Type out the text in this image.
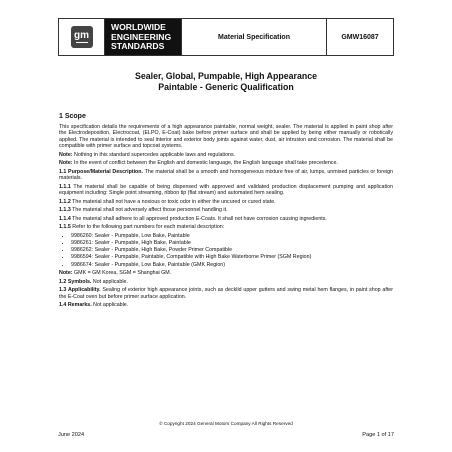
gm
WORLDWIDE
ENGINEERING
STANDARDS
Material Specification	GMW16087
Sealer, Global, Pumpable, High Appearance
Paintable - Generic Qualification
1 Scope

This specification details the requirements of a high appearance paintable, normal weight, sealer. The material is applied in paint shop after the Electrodeposition, Electrocoat, (ELPO, E-Coat) bake before primer surface and shall be applied by being either manually or robotically applied. The material is intended to seal interior and exterior body joints against water, dust, air intrusion and corrosion. The material shall be compatible with primer surface and topcoat systems.

Note: Nothing in this standard supercedes applicable laws and regulations.

Note: In the event of conflict between the English and domestic language, the English language shall take precedence.

1.1 Purpose/Material Description. The material shall be a smooth and homogeneous mixture free of air, lumps, unmixed particles or foreign materials.

1.1.1 The material shall be capable of being dispensed with approved and validated production displacement pumping and application equipment including: Single point streaming, ribbon tip (flat stream) and automated hem sealing.

1.1.2 The material shall not have a noxious or toxic odor in either the uncured or cured state.

1.1.3 The material shall not adversely affect those personnel handling it.

1.1.4 The material shall adhere to all approved production E-Coats. It shall not have corrosion causing ingredients.

1.1.5 Refer to the following part numbers for each material description:

• 9986260: Sealer - Pumpable, Low Bake, Paintable
• 9986261: Sealer - Pumpable, High Bake, Paintable
• 9986262: Sealer - Pumpable, High Bake, Powder Primer Compatible
• 9986594: Sealer - Pumpable, Paintable, Compatible with High Bake Waterborne Primer (SGM Region)
• 9986674: Sealer - Pumpable, Low Bake, Paintable (GMK Region)

Note: GMK = GM Korea, SGM = Shanghai GM.

1.2 Symbols. Not applicable.

1.3 Applicability. Sealing of exterior high appearance joints, such as decklid upper gutters and swing metal hem flanges, in paint shop after the E-Coat oven but before primer surface application.

1.4 Remarks. Not applicable.

© Copyright 2024 General Motors Company All Rights Reserved
June 2024	Page 1 of 17
